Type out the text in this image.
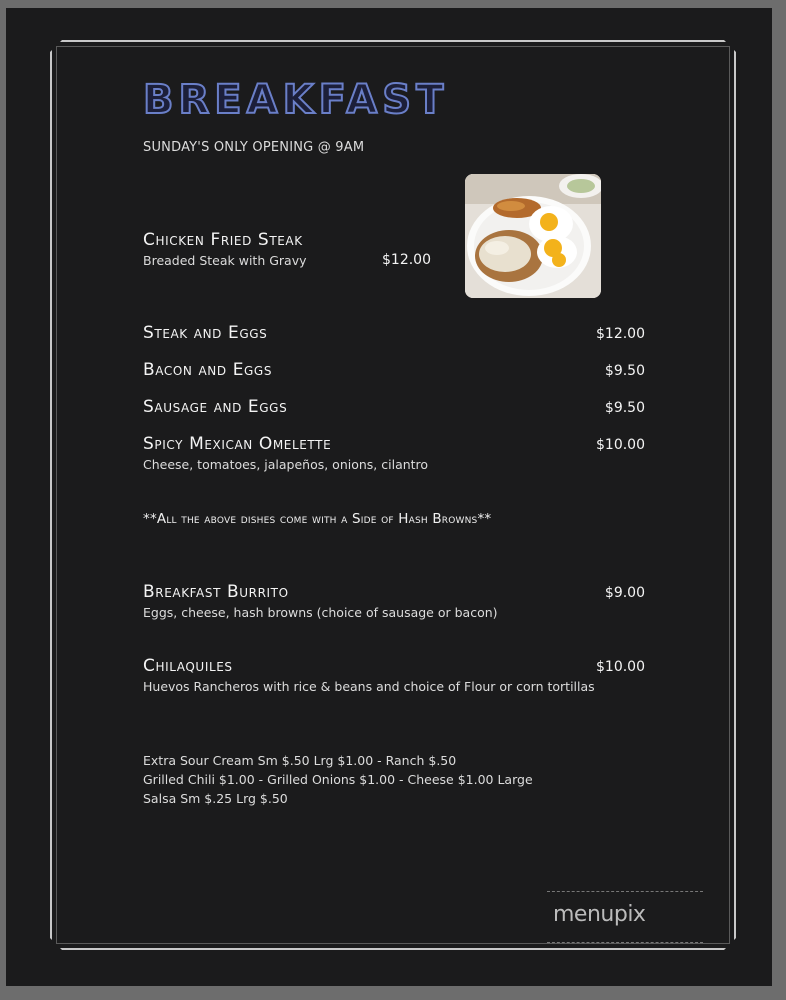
BREAKFAST
SUNDAY'S ONLY OPENING @ 9AM
Chicken Fried Steak
Breaded Steak with Gravy	$12.00
Steak and Eggs	$12.00
Bacon and Eggs	$9.50
Sausage and Eggs	$9.50
Spicy Mexican Omelette	$10.00
Cheese, tomatoes, jalapeños, onions, cilantro
**All the above dishes come with a Side of Hash Browns**
Breakfast Burrito	$9.00
Eggs, cheese, hash browns (choice of sausage or bacon)
Chilaquiles	$10.00
Huevos Rancheros with rice & beans and choice of Flour or corn tortillas
Extra Sour Cream Sm $.50 Lrg $1.00 - Ranch $.50
Grilled Chili $1.00 - Grilled Onions $1.00 - Cheese $1.00 Large
Salsa Sm $.25 Lrg $.50
menupix
